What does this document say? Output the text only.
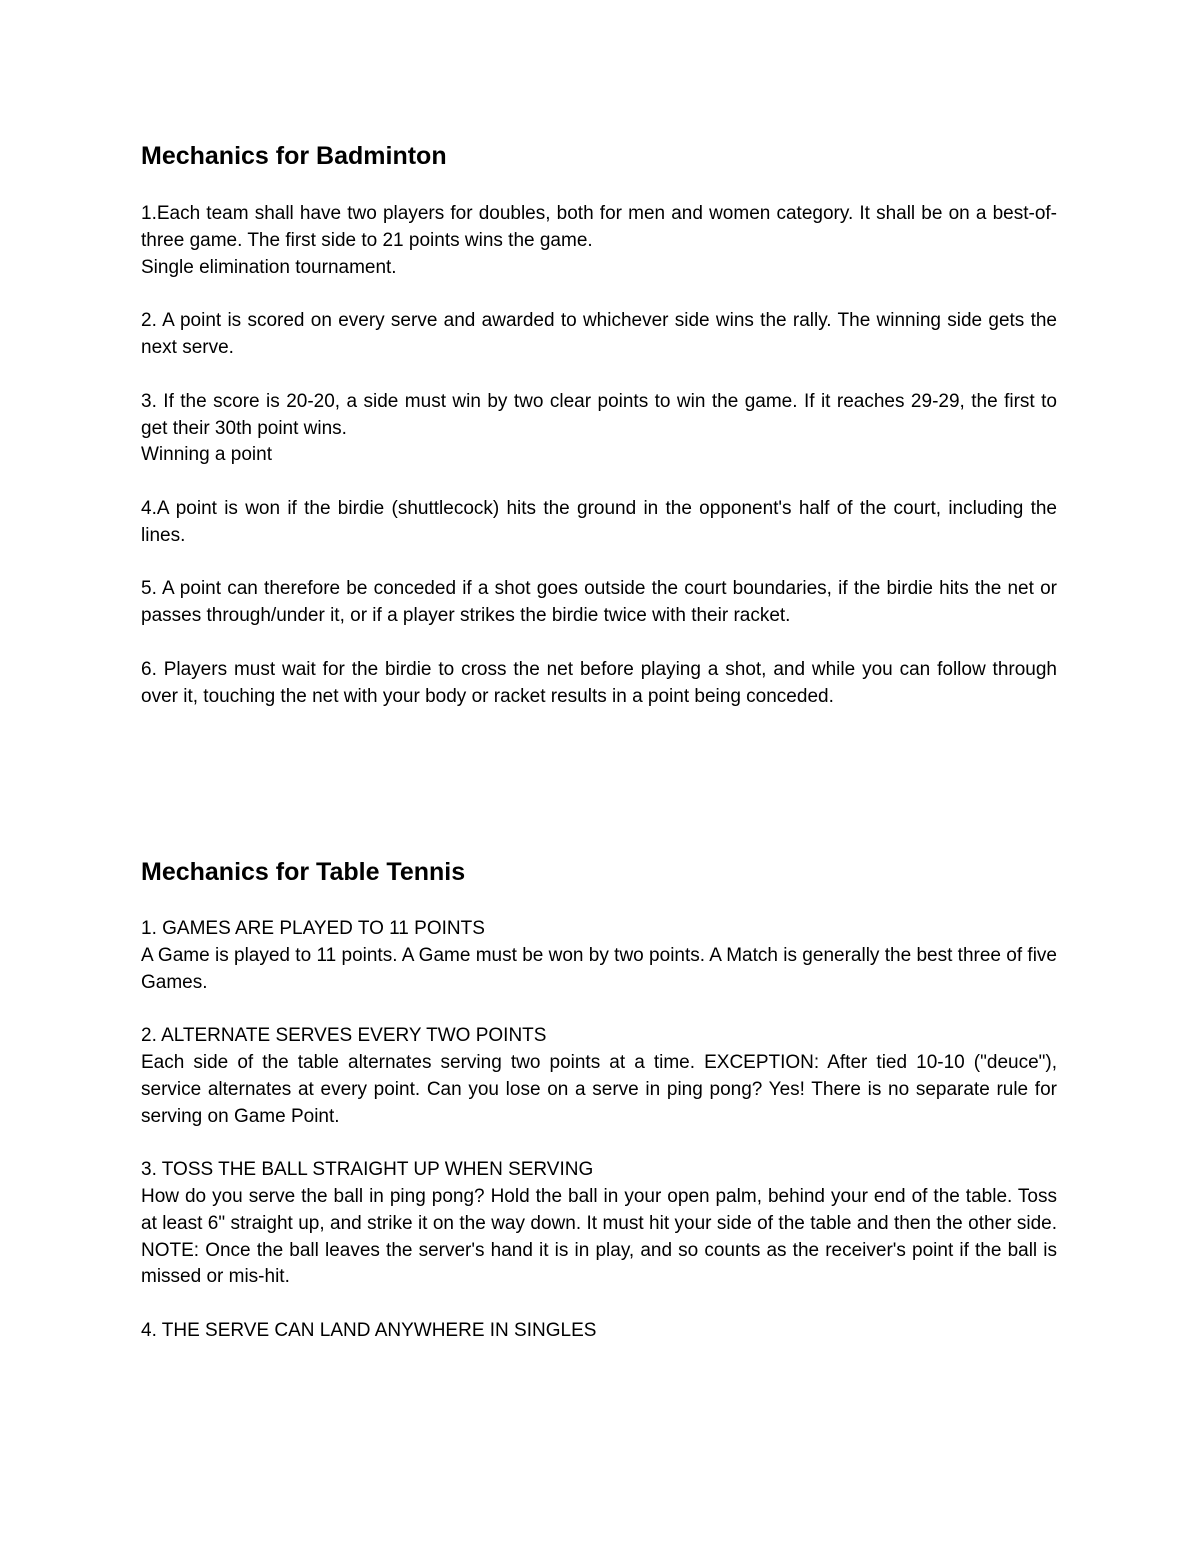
Mechanics for Badminton
1.Each team shall have two players for doubles, both for men and women category. It shall be on a best-of-three game. The first side to 21 points wins the game.
Single elimination tournament.
2. A point is scored on every serve and awarded to whichever side wins the rally. The winning side gets the next serve.
3. If the score is 20-20, a side must win by two clear points to win the game. If it reaches 29-29, the first to get their 30th point wins.
Winning a point
4.A point is won if the birdie (shuttlecock) hits the ground in the opponent's half of the court, including the lines.
5. A point can therefore be conceded if a shot goes outside the court boundaries, if the birdie hits the net or passes through/under it, or if a player strikes the birdie twice with their racket.
6. Players must wait for the birdie to cross the net before playing a shot, and while you can follow through over it, touching the net with your body or racket results in a point being conceded.
Mechanics for Table Tennis
1. GAMES ARE PLAYED TO 11 POINTS
A Game is played to 11 points. A Game must be won by two points. A Match is generally the best three of five Games.
2. ALTERNATE SERVES EVERY TWO POINTS
Each side of the table alternates serving two points at a time. EXCEPTION: After tied 10-10 ("deuce"), service alternates at every point. Can you lose on a serve in ping pong? Yes! There is no separate rule for serving on Game Point.
3. TOSS THE BALL STRAIGHT UP WHEN SERVING
How do you serve the ball in ping pong? Hold the ball in your open palm, behind your end of the table. Toss at least 6" straight up, and strike it on the way down. It must hit your side of the table and then the other side. NOTE: Once the ball leaves the server's hand it is in play, and so counts as the receiver's point if the ball is missed or mis-hit.
4. THE SERVE CAN LAND ANYWHERE IN SINGLES
